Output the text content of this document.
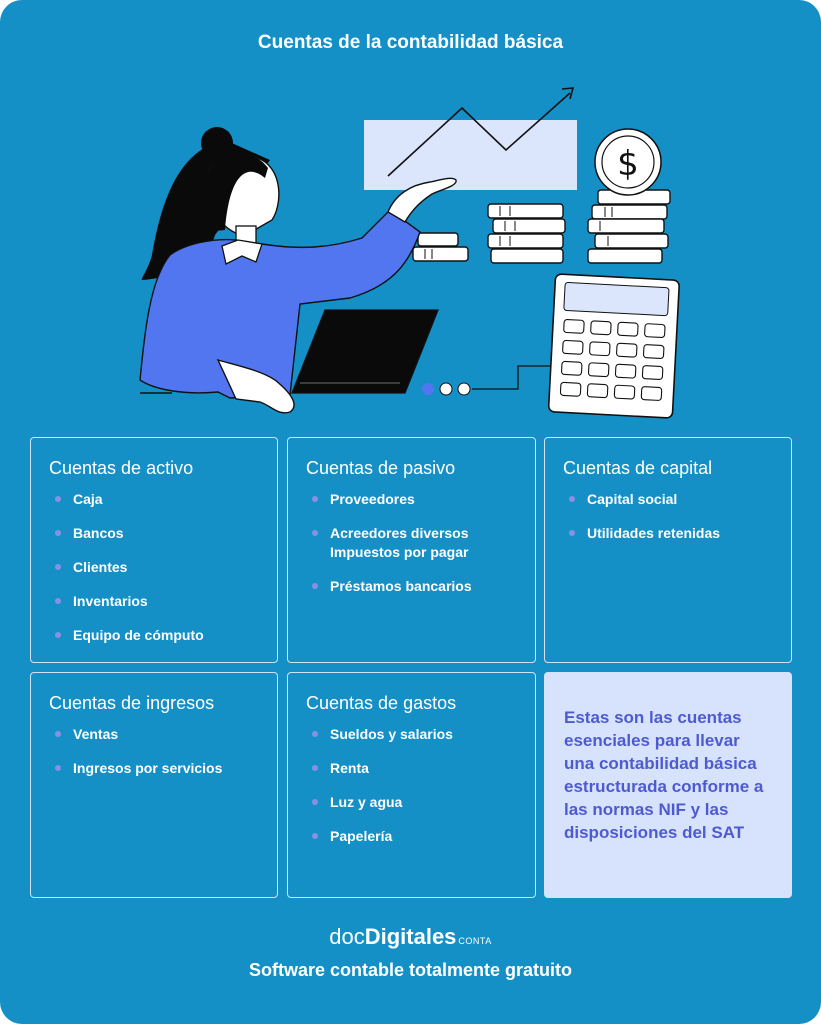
Cuentas de la contabilidad básica
$
Cuentas de activo
Caja
Bancos
Clientes
Inventarios
Equipo de cómputo
Cuentas de pasivo
Proveedores
Acreedores diversos Impuestos por pagar
Préstamos bancarios
Cuentas de capital
Capital social
Utilidades retenidas
Cuentas de ingresos
Ventas
Ingresos por servicios
Cuentas de gastos
Sueldos y salarios
Renta
Luz y agua
Papelería
Estas son las cuentas esenciales para llevar una contabilidad básica estructurada conforme a las normas NIF y las disposiciones del SAT
docDigitales CONTA
Software contable totalmente gratuito
